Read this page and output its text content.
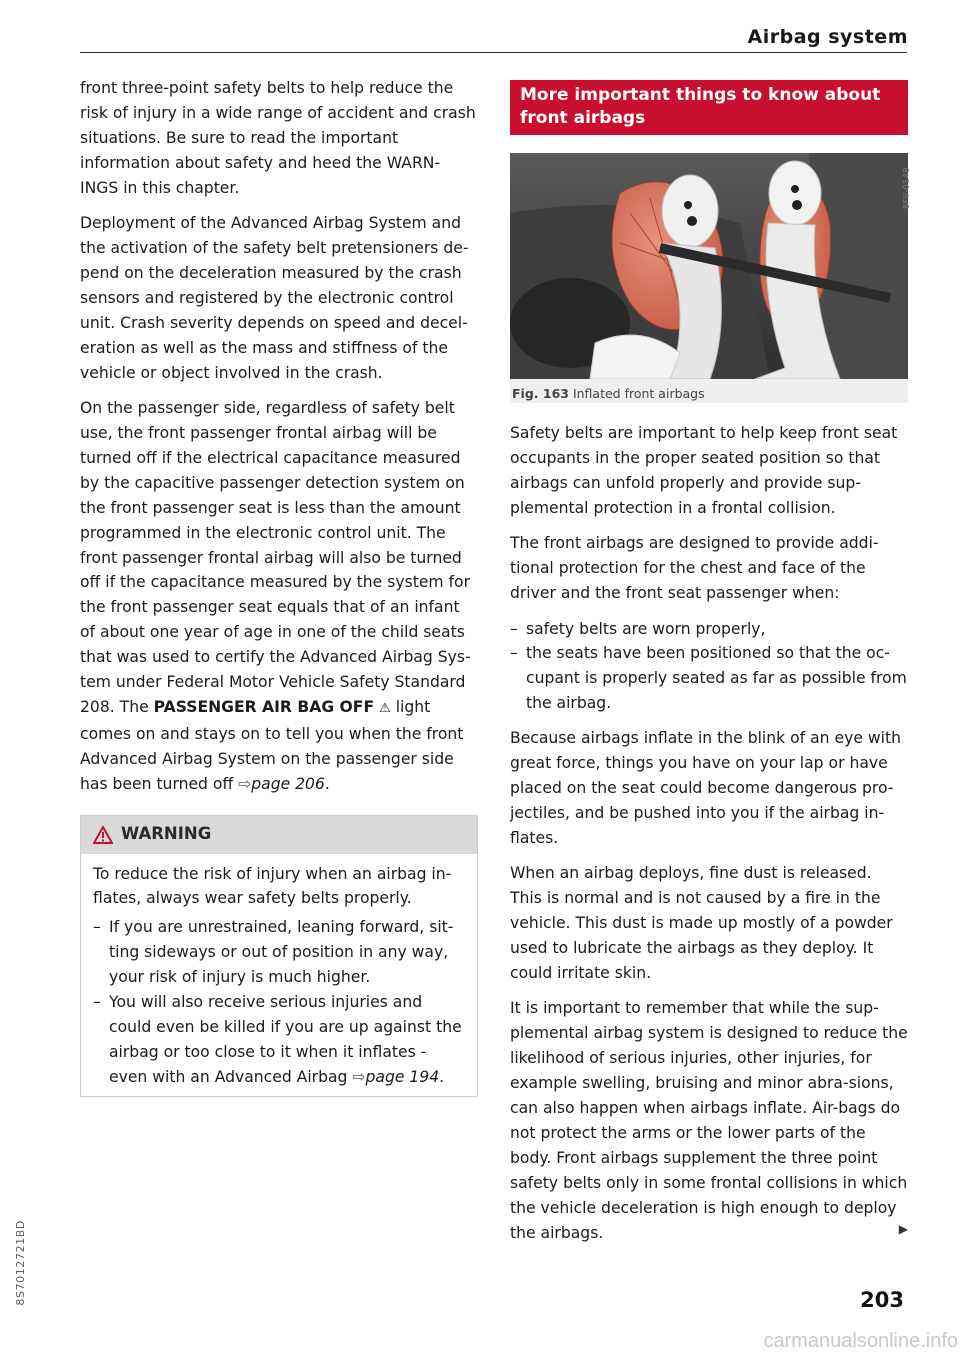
Airbag system

front three-point safety belts to help reduce the risk of injury in a wide range of accident and crash situations. Be sure to read the important information about safety and heed the WARN-INGS in this chapter.

Deployment of the Advanced Airbag System and the activation of the safety belt pretensioners de-pend on the deceleration measured by the crash sensors and registered by the electronic control unit. Crash severity depends on speed and decel-eration as well as the mass and stiffness of the vehicle or object involved in the crash.

On the passenger side, regardless of safety belt use, the front passenger frontal airbag will be turned off if the electrical capacitance measured by the capacitive passenger detection system on the front passenger seat is less than the amount programmed in the electronic control unit. The front passenger frontal airbag will also be turned off if the capacitance measured by the system for the front passenger seat equals that of an infant of about one year of age in one of the child seats that was used to certify the Advanced Airbag Sys-tem under Federal Motor Vehicle Safety Standard 208. The PASSENGER AIR BAG OFF ⚠ light comes on and stays on to tell you when the front Advanced Airbag System on the passenger side has been turned off ⇨page 206.

WARNING

To reduce the risk of injury when an airbag in-flates, always wear safety belts properly.

– If you are unrestrained, leaning forward, sit-ting sideways or out of position in any way, your risk of injury is much higher.
– You will also receive serious injuries and could even be killed if you are up against the airbag or too close to it when it inflates - even with an Advanced Airbag ⇨page 194.
More important things to know about front airbags
8FV-0148
Fig. 163 Inflated front airbags

Safety belts are important to help keep front seat occupants in the proper seated position so that airbags can unfold properly and provide sup-plemental protection in a frontal collision.

The front airbags are designed to provide addi-tional protection for the chest and face of the driver and the front seat passenger when:

– safety belts are worn properly,
– the seats have been positioned so that the oc-cupant is properly seated as far as possible from the airbag.

Because airbags inflate in the blink of an eye with great force, things you have on your lap or have placed on the seat could become dangerous pro-jectiles, and be pushed into you if the airbag in-flates.

When an airbag deploys, fine dust is released. This is normal and is not caused by a fire in the vehicle. This dust is made up mostly of a powder used to lubricate the airbags as they deploy. It could irritate skin.

It is important to remember that while the sup-plemental airbag system is designed to reduce the likelihood of serious injuries, other injuries, for example swelling, bruising and minor abra-sions, can also happen when airbags inflate. Air-bags do not protect the arms or the lower parts of the body. Front airbags supplement the three point safety belts only in some frontal collisions in which the vehicle deceleration is high enough to deploy the airbags.	▶

8S7012721BD	203
carmanualsonline.info
